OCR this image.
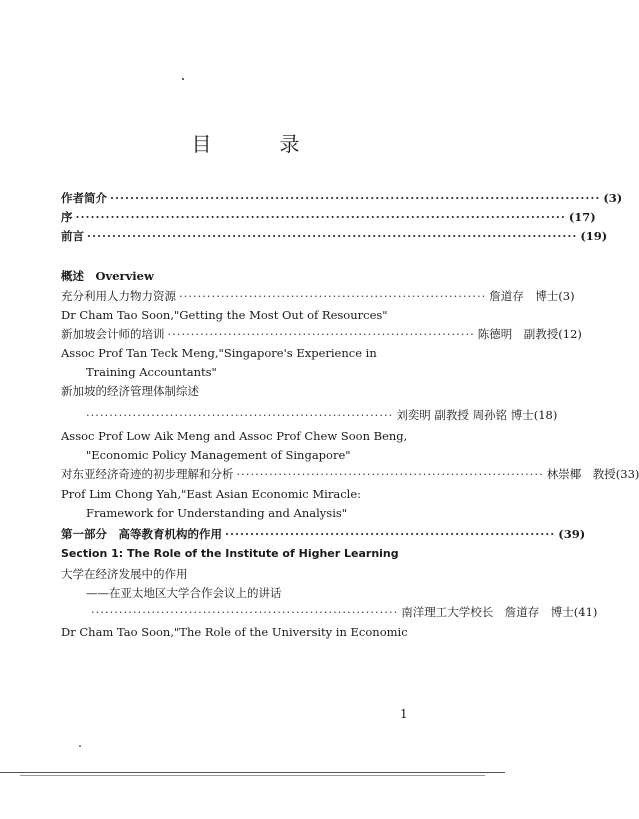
目　录
作者简介 ·································································································· (3)
序 ·································································································· (17)
前言 ·································································································· (19)
概述　Overview
充分利用人力物力资源 ·································································· 詹道存　博士(3)
Dr Cham Tao Soon,"Getting the Most Out of Resources"
新加坡会计师的培训 ·································································· 陈德明　副教授(12)
Assoc Prof Tan Teck Meng,"Singapore's Experience in
Training Accountants"
新加坡的经济管理体制综述
·································································· 刘奕明 副教授 周孙铭 博士(18)
Assoc Prof Low Aik Meng and Assoc Prof Chew Soon Beng,
"Economic Policy Management of Singapore"
对东亚经济奇迹的初步理解和分析 ·································································· 林崇椰　教授(33)
Prof Lim Chong Yah,"East Asian Economic Miracle:
Framework for Understanding and Analysis"
第一部分　高等教育机构的作用 ·································································· (39)
Section 1: The Role of the Institute of Higher Learning
大学在经济发展中的作用
——在亚太地区大学合作会议上的讲话
·································································· 南洋理工大学校长　詹道存　博士(41)
Dr Cham Tao Soon,"The Role of the University in Economic
1
